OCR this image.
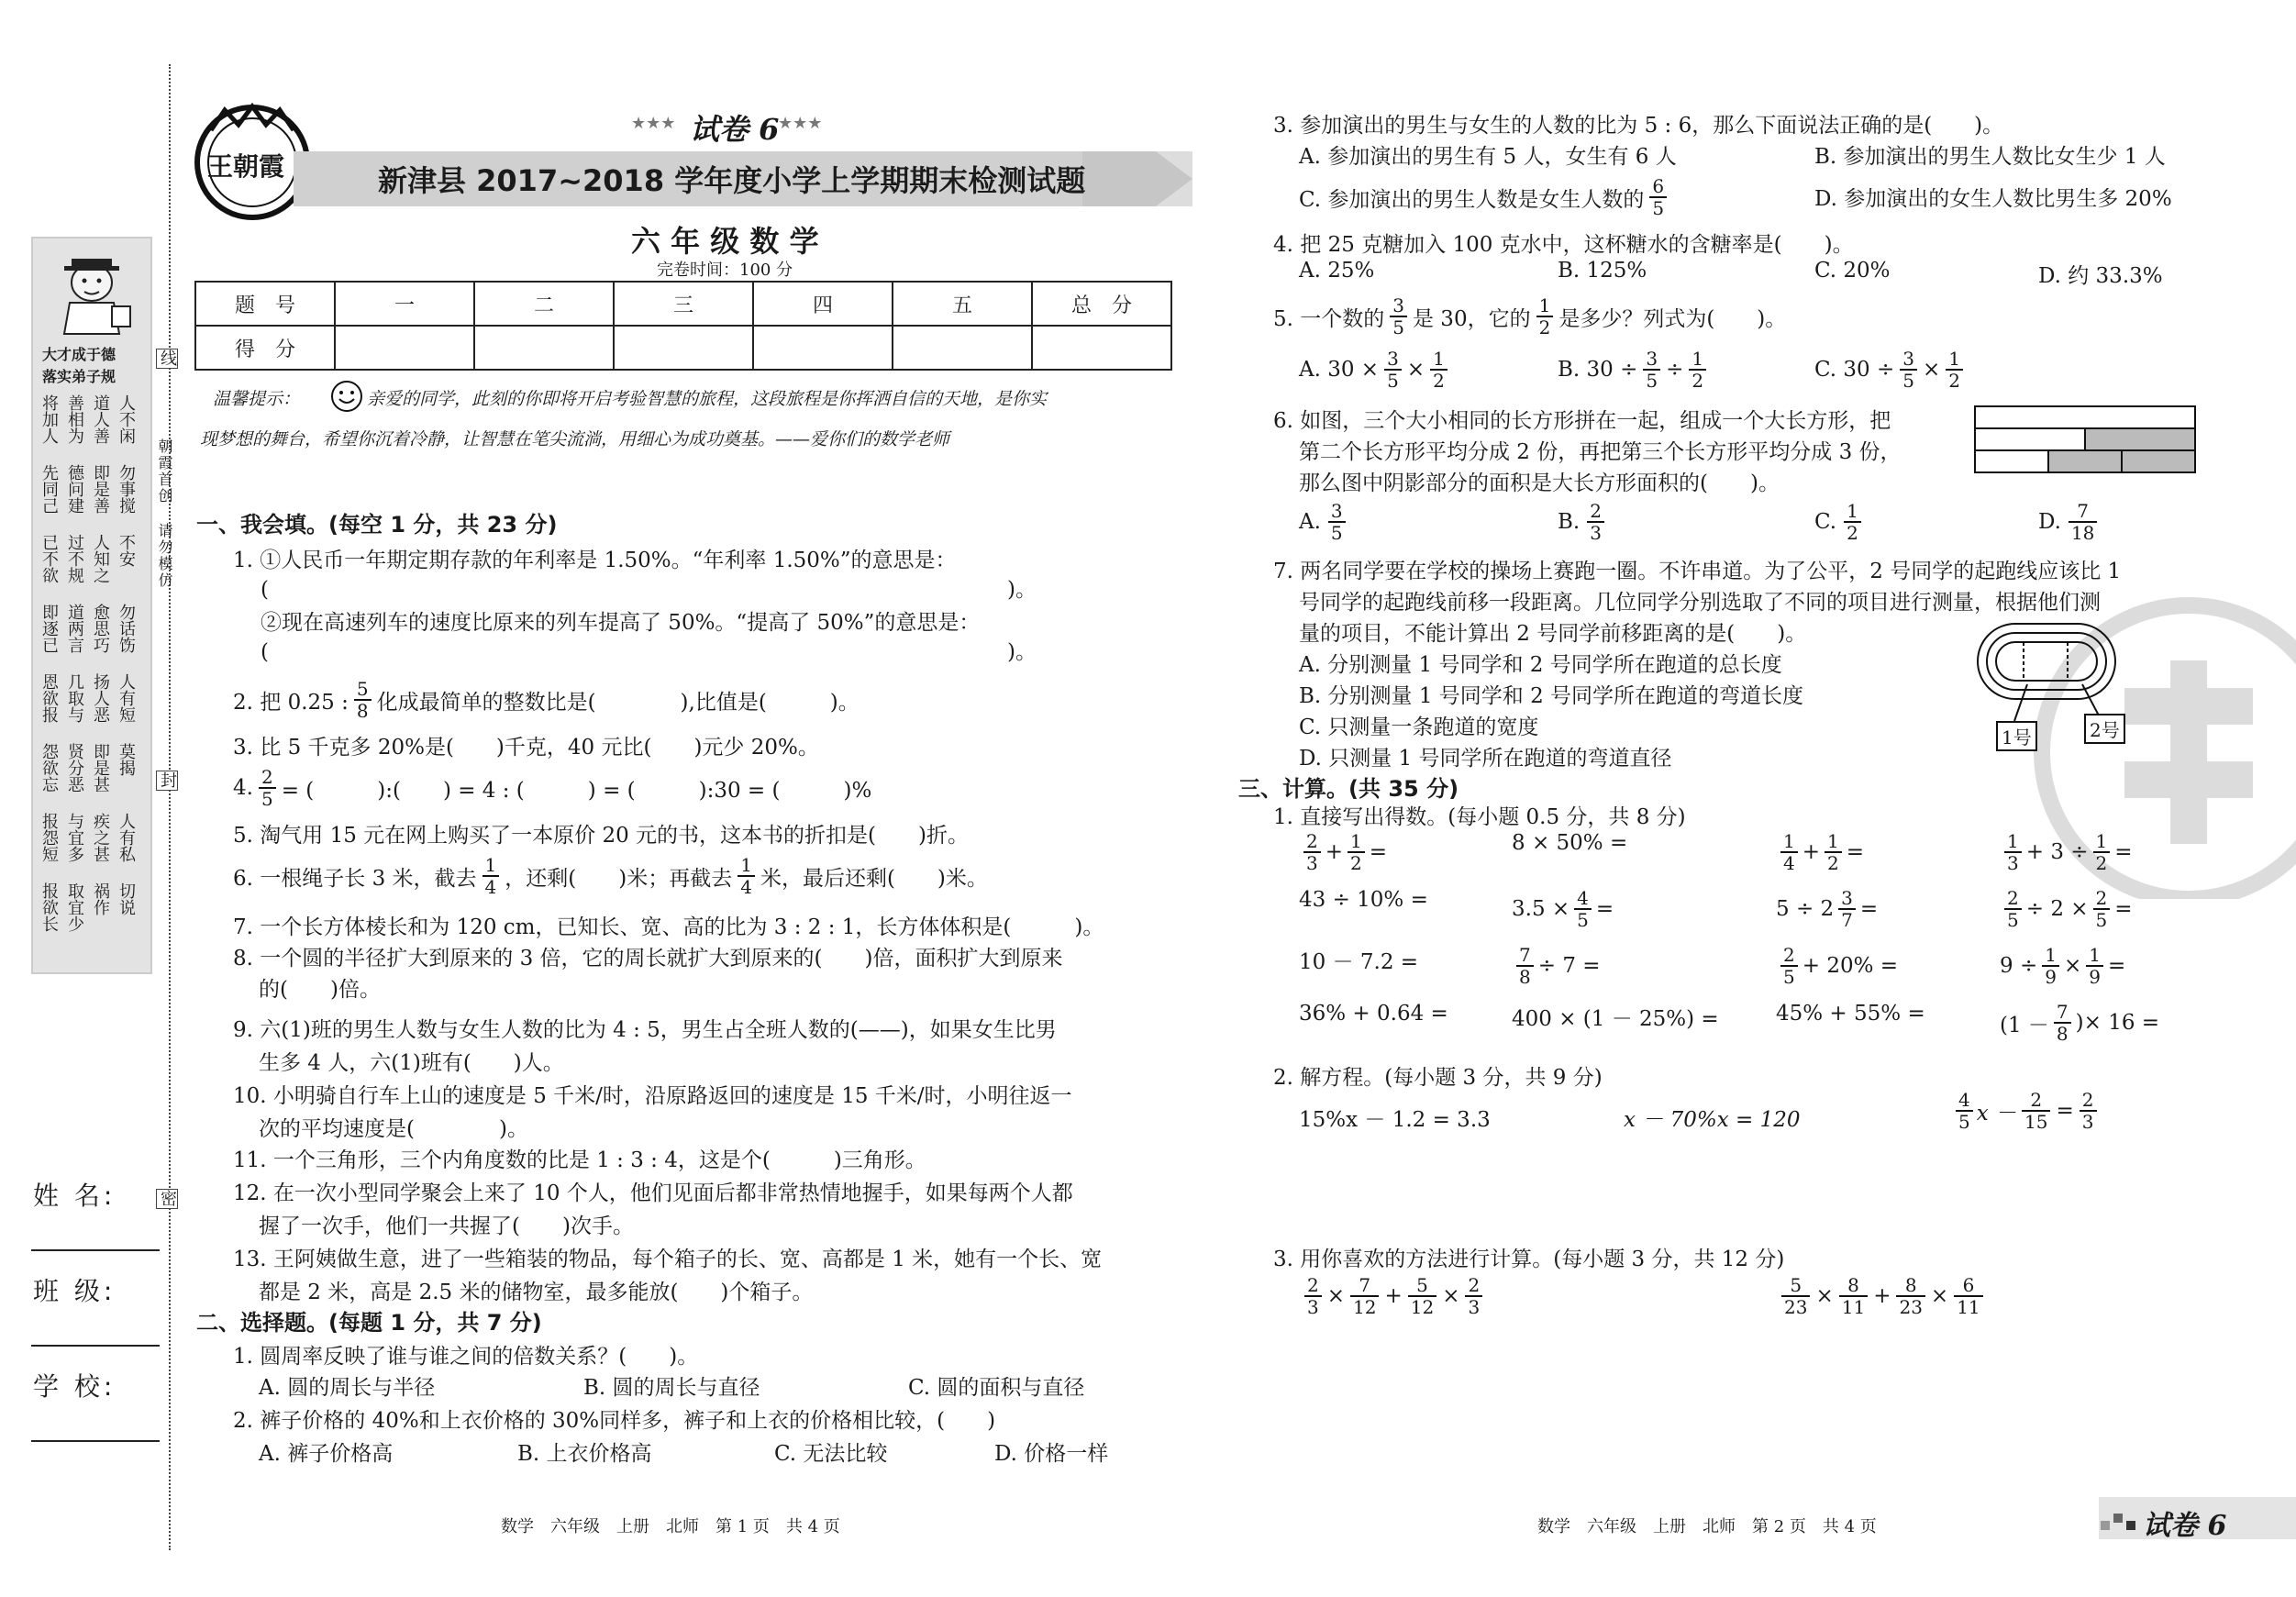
大才成于德
落实弟子规
将加人 善相为 道人善 人不闲
先同己 德问建 即是善 勿事搅
已不欲 过不规 人知之 不安
即逐已 道两言 愈思巧 勿话饬
恩欲报 几取与 扬人恶 人有短
怨欲忘 贤分恶 即是甚 莫揭
报怨短 与宜多 疾之甚 人有私
报欲长 取宜少 祸作 切说
线
朝霞首创
请勿模仿
封
密
姓 名:
班 级:
学 校:
王朝霞
★★★ 试卷 6
★★★
新津县 2017~2018 学年度小学上学期期末检测试题
六 年 级 数 学
完卷时间：100 分
题　号	一	二	三	四	五	总　分
得　分						
温馨提示：	亲爱的同学，此刻的你即将开启考验智慧的旅程，这段旅程是你挥洒自信的天地，是你实
现梦想的舞台，希望你沉着冷静，让智慧在笔尖流淌，用细心为成功奠基。——爱你们的数学老师
一、我会填。(每空 1 分，共 23 分)
1. ①人民币一年期定期存款的年利率是 1.50%。“年利率 1.50%”的意思是：
(　　　　　　　　　　　　　　　　　　　　　　　　　　　　　　　　　　　)。
②现在高速列车的速度比原来的列车提高了 50%。“提高了 50%”的意思是：
(　　　　　　　　　　　　　　　　　　　　　　　　　　　　　　　　　　　)。
2. 把 0.25 : $\frac{5}{8}$ 化成最简单的整数比是(　　　　),比值是(　　　)。
3. 比 5 千克多 20%是(　　)千克，40 元比(　　)元少 20%。
4. $\frac{2}{5}$ = (　　　):(　　) = 4 : (　　　) = (　　　):30 = (　　　)%
5. 淘气用 15 元在网上购买了一本原价 20 元的书，这本书的折扣是(　　)折。
6. 一根绳子长 3 米，截去 $\frac{1}{4}$ ，还剩(　　)米；再截去 $\frac{1}{4}$ 米，最后还剩(　　)米。
7. 一个长方体棱长和为 120 cm，已知长、宽、高的比为 3 : 2 : 1，长方体体积是(　　　)。
8. 一个圆的半径扩大到原来的 3 倍，它的周长就扩大到原来的(　　)倍，面积扩大到原来
的(　　)倍。
9. 六(1)班的男生人数与女生人数的比为 4 : 5，男生占全班人数的(——)，如果女生比男
生多 4 人，六(1)班有(　　)人。
10. 小明骑自行车上山的速度是 5 千米/时，沿原路返回的速度是 15 千米/时，小明往返一
次的平均速度是(　　　　)。
11. 一个三角形，三个内角度数的比是 1 : 3 : 4，这是个(　　　)三角形。
12. 在一次小型同学聚会上来了 10 个人，他们见面后都非常热情地握手，如果每两个人都
握了一次手，他们一共握了(　　)次手。
13. 王阿姨做生意，进了一些箱装的物品，每个箱子的长、宽、高都是 1 米，她有一个长、宽
都是 2 米，高是 2.5 米的储物室，最多能放(　　)个箱子。
二、选择题。(每题 1 分，共 7 分)
1. 圆周率反映了谁与谁之间的倍数关系？(　　)。
A. 圆的周长与半径	B. 圆的周长与直径	C. 圆的面积与直径
2. 裤子价格的 40%和上衣价格的 30%同样多，裤子和上衣的价格相比较，(　　)
A. 裤子价格高	B. 上衣价格高	C. 无法比较	D. 价格一样
数学　六年级　上册　北师　第 1 页　共 4 页
3. 参加演出的男生与女生的人数的比为 5 : 6，那么下面说法正确的是(　　)。
A. 参加演出的男生有 5 人，女生有 6 人	B. 参加演出的男生人数比女生少 1 人
C. 参加演出的男生人数是女生人数的 $\frac{6}{5}$	D. 参加演出的女生人数比男生多 20%
4. 把 25 克糖加入 100 克水中，这杯糖水的含糖率是(　　)。
A. 25%	B. 125%	C. 20%	D. 约 33.3%
5. 一个数的 $\frac{3}{5}$ 是 30，它的 $\frac{1}{2}$ 是多少？列式为(　　)。
A. $30 \times \frac{3}{5} \times \frac{1}{2}$	B. $30 \div \frac{3}{5} \div \frac{1}{2}$	C. $30 \div \frac{3}{5} \times \frac{1}{2}$
6. 如图，三个大小相同的长方形拼在一起，组成一个大长方形，把
第二个长方形平均分成 2 份，再把第三个长方形平均分成 3 份，
那么图中阴影部分的面积是大长方形面积的(　　)。
A. $\frac{3}{5}$	B. $\frac{2}{3}$	C. $\frac{1}{2}$	D. $\frac{7}{18}$
7. 两名同学要在学校的操场上赛跑一圈。不许串道。为了公平，2 号同学的起跑线应该比 1
号同学的起跑线前移一段距离。几位同学分别选取了不同的项目进行测量，根据他们测
量的项目，不能计算出 2 号同学前移距离的是(　　)。
A. 分别测量 1 号同学和 2 号同学所在跑道的总长度
B. 分别测量 1 号同学和 2 号同学所在跑道的弯道长度
C. 只测量一条跑道的宽度
D. 只测量 1 号同学所在跑道的弯道直径
1号	2号
三、计算。(共 35 分)
1. 直接写出得数。(每小题 0.5 分，共 8 分)
$\frac{2}{3} + \frac{1}{2}$ =	8 × 50% =	$\frac{1}{4} + \frac{1}{2}$ =	$\frac{1}{3} + 3 \div \frac{1}{2}$ =
43 ÷ 10% =	$3.5 \times \frac{4}{5}$ =	$5 \div 2 \frac{3}{7}$ =	$\frac{2}{5} \div 2 \times \frac{2}{5}$ =
10 － 7.2 =	$\frac{7}{8} \div 7$ =	$\frac{2}{5} + 20\%$ =	$9 \div \frac{1}{9} \times \frac{1}{9}$ =
36% + 0.64 =	400 × (1 － 25%) =	45% + 55% =	($1 - \frac{7}{8}$ ) × 16 =
2. 解方程。(每小题 3 分，共 9 分)
15%x － 1.2 = 3.3	x － 70%x = 120	$\frac{4}{5}$ $x - \frac{2}{15} = \frac{2}{3}$
3. 用你喜欢的方法进行计算。(每小题 3 分，共 12 分)
$\frac{2}{3} \times \frac{7}{12} + \frac{5}{12} \times \frac{2}{3}$	$\frac{5}{23} \times \frac{8}{11} + \frac{8}{23} \times \frac{6}{11}$
数学　六年级　上册　北师　第 2 页　共 4 页	试卷 6
